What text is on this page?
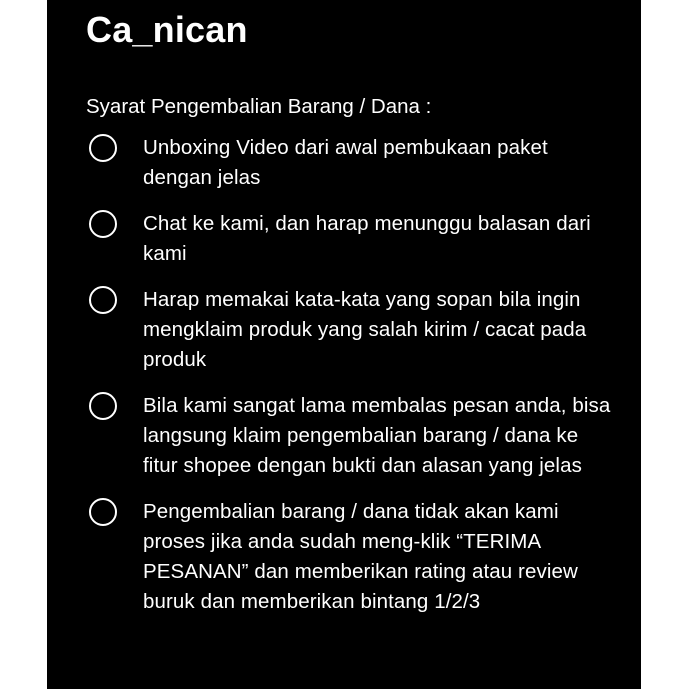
Ca_nican

Syarat Pengembalian Barang / Dana :

Unboxing Video dari awal pembukaan paket dengan jelas

Chat ke kami, dan harap menunggu balasan dari kami

Harap memakai kata-kata yang sopan bila ingin mengklaim produk yang salah kirim / cacat pada produk

Bila kami sangat lama membalas pesan anda, bisa langsung klaim pengembalian barang / dana ke fitur shopee dengan bukti dan alasan yang jelas

Pengembalian barang / dana tidak akan kami proses jika anda sudah meng-klik “TERIMA PESANAN” dan memberikan rating atau review buruk dan memberikan bintang 1/2/3
